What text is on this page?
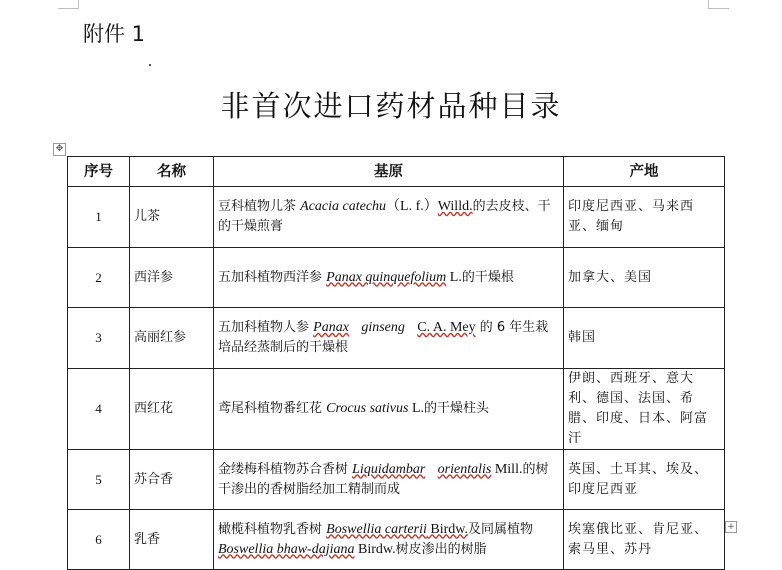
附件 1
非首次进口药材品种目录
✥
序号	名称	基原	产地
1	儿茶	豆科植物儿茶 Acacia catechu（L. f.）Willd.的去皮枝、干的干燥煎膏	印度尼西亚、马来西亚、缅甸
2	西洋参	五加科植物西洋参 Panax quinquefolium L.的干燥根	加拿大、美国
3	高丽红参	五加科植物人参 Panax ginseng C. A. Mey 的 6 年生栽培品经蒸制后的干燥根	韩国
4	西红花	鸢尾科植物番红花 Crocus sativus L.的干燥柱头	伊朗、西班牙、意大利、德国、法国、希腊、印度、日本、阿富汗
5	苏合香	金缕梅科植物苏合香树 Liquidambar orientalis Mill.的树干渗出的香树脂经加工精制而成	英国、土耳其、埃及、印度尼西亚
6	乳香	橄榄科植物乳香树 Boswellia carterii Birdw.及同属植物 Boswellia bhaw-dajiana Birdw.树皮渗出的树脂	埃塞俄比亚、肯尼亚、索马里、苏丹
+
